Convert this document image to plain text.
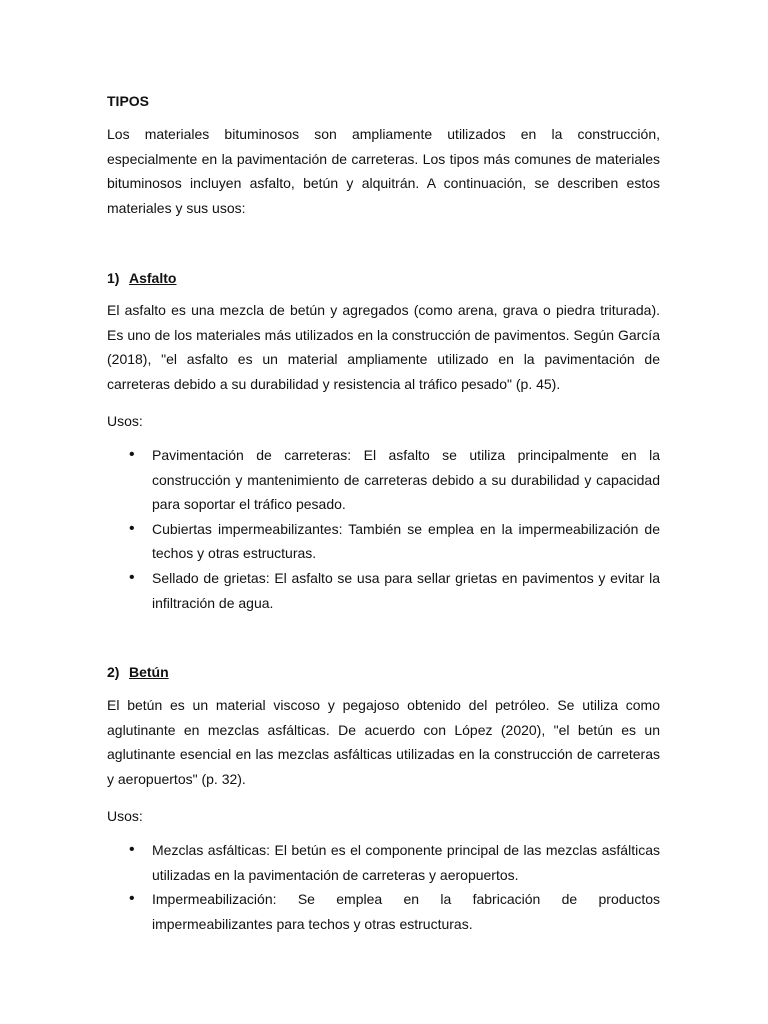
TIPOS

Los materiales bituminosos son ampliamente utilizados en la construcción, especialmente en la pavimentación de carreteras. Los tipos más comunes de materiales bituminosos incluyen asfalto, betún y alquitrán. A continuación, se describen estos materiales y sus usos:

1) Asfalto

El asfalto es una mezcla de betún y agregados (como arena, grava o piedra triturada). Es uno de los materiales más utilizados en la construcción de pavimentos. Según García (2018), "el asfalto es un material ampliamente utilizado en la pavimentación de carreteras debido a su durabilidad y resistencia al tráfico pesado" (p. 45).

Usos:
• Pavimentación de carreteras: El asfalto se utiliza principalmente en la construcción y mantenimiento de carreteras debido a su durabilidad y capacidad para soportar el tráfico pesado.
• Cubiertas impermeabilizantes: También se emplea en la impermeabilización de techos y otras estructuras.
• Sellado de grietas: El asfalto se usa para sellar grietas en pavimentos y evitar la infiltración de agua.
2) Betún

El betún es un material viscoso y pegajoso obtenido del petróleo. Se utiliza como aglutinante en mezclas asfálticas. De acuerdo con López (2020), "el betún es un aglutinante esencial en las mezclas asfálticas utilizadas en la construcción de carreteras y aeropuertos" (p. 32).

Usos:
• Mezclas asfálticas: El betún es el componente principal de las mezclas asfálticas utilizadas en la pavimentación de carreteras y aeropuertos.
• Impermeabilización: Se emplea en la fabricación de productos impermeabilizantes para techos y otras estructuras.
